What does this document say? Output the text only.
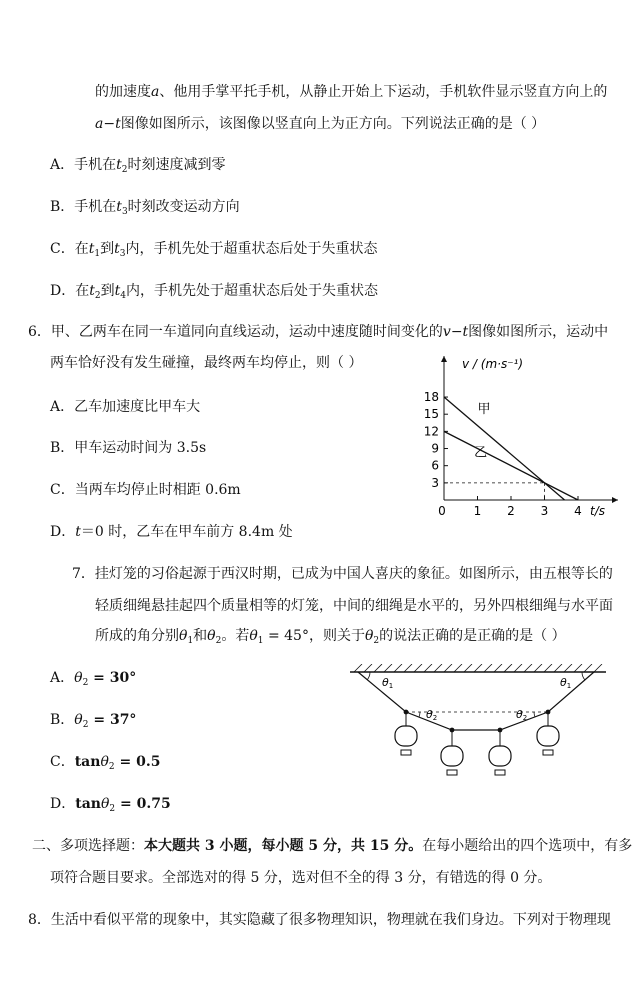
的加速度a、他用手掌平托手机，从静止开始上下运动，手机软件显示竖直方向上的
a−t图像如图所示，该图像以竖直向上为正方向。下列说法正确的是（ ）
A．手机在$t_2$时刻速度减到零
B．手机在$t_3$时刻改变运动方向
C．在$t_1$到$t_3$内，手机先处于超重状态后处于失重状态
D．在$t_2$到$t_4$内，手机先处于超重状态后处于失重状态
6．甲、乙两车在同一车道同向直线运动，运动中速度随时间变化的v−t图像如图所示，运动中
两车恰好没有发生碰撞，最终两车均停止，则（ ）
A．乙车加速度比甲车大
B．甲车运动时间为 3.5s
C．当两车均停止时相距 0.6m
D．t＝0 时，乙车在甲车前方 8.4m 处
v / (m·s⁻¹)
t/s
3
6
9
12
15
18
0 1 2 3 4
甲
乙
7．挂灯笼的习俗起源于西汉时期，已成为中国人喜庆的象征。如图所示，由五根等长的
轻质细绳悬挂起四个质量相等的灯笼，中间的细绳是水平的，另外四根细绳与水平面
所成的角分别$\theta_1$和$\theta_2$。若$\theta_1 = 45^\circ$，则关于$\theta_2$的说法正确的是正确的是（ ）
A．$\theta_2 = 30^\circ$
B．$\theta_2 = 37^\circ$
C．tanθ$_2$ = 0.5
D．tanθ$_2$ = 0.75
θ1	θ1
θ2	θ2
二、多项选择题：本大题共 3 小题，每小题 5 分，共 15 分。在每小题给出的四个选项中，有多
项符合题目要求。全部选对的得 5 分，选对但不全的得 3 分，有错选的得 0 分。
8．生活中看似平常的现象中，其实隐藏了很多物理知识，物理就在我们身边。下列对于物理现
